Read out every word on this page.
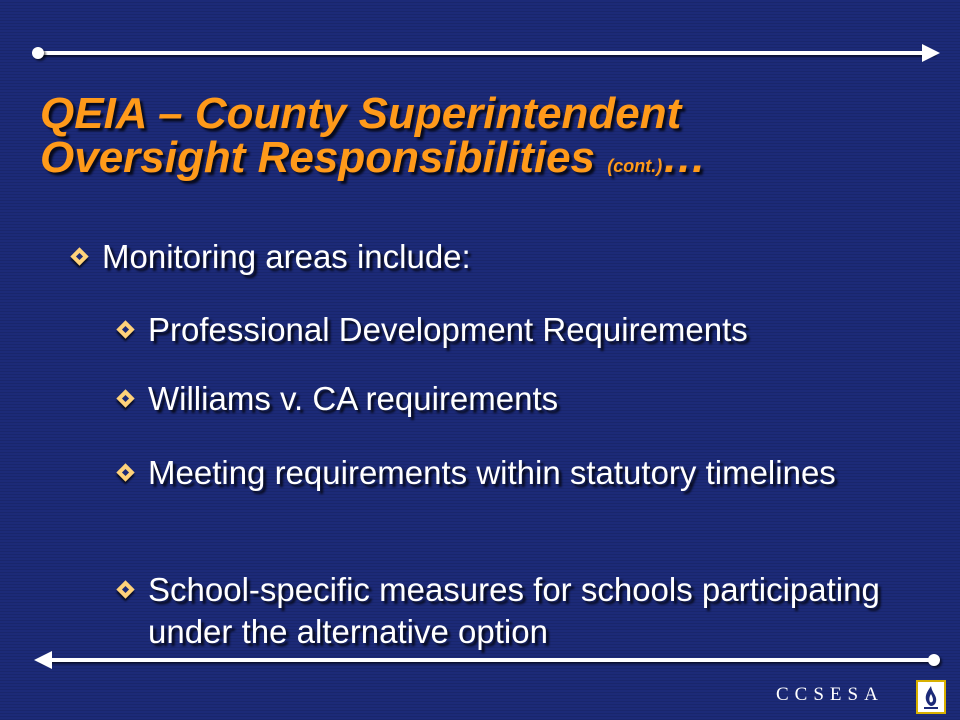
QEIA – County Superintendent
Oversight Responsibilities (cont.)…
Monitoring areas include:
Professional Development Requirements
Williams v. CA requirements
Meeting requirements within statutory timelines
School-specific measures for schools participating under the alternative option
CCSESA
